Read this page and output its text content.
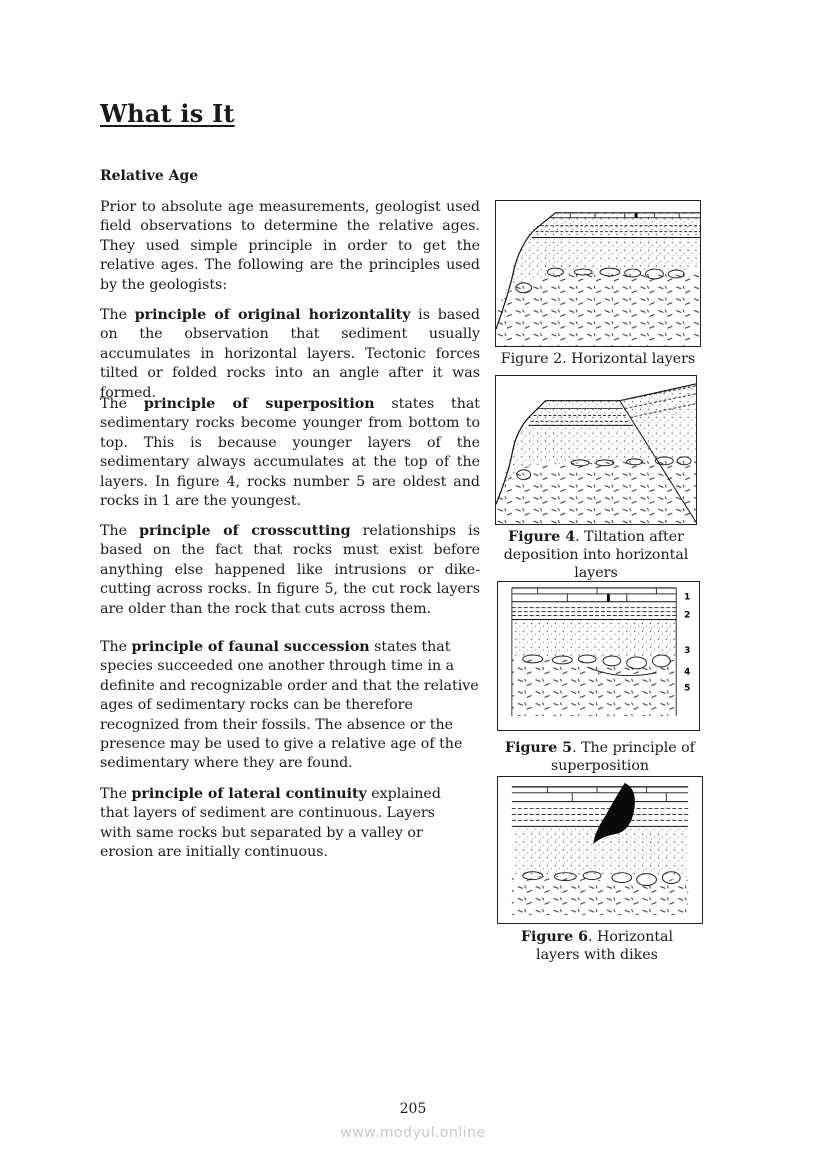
What is It
Relative Age

Prior to absolute age measurements, geologist used field observations to determine the relative ages. They used simple principle in order to get the relative ages. The following are the principles used by the geologists:

The principle of original horizontality is based on the observation that sediment usually accumulates in horizontal layers. Tectonic forces tilted or folded rocks into an angle after it was formed.

The principle of superposition states that sedimentary rocks become younger from bottom to top. This is because younger layers of the sedimentary always accumulates at the top of the layers. In figure 4, rocks number 5 are oldest and rocks in 1 are the youngest.

The principle of crosscutting relationships is based on the fact that rocks must exist before anything else happened like intrusions or dike-cutting across rocks. In figure 5, the cut rock layers are older than the rock that cuts across them.

The principle of faunal succession states that species succeeded one another through time in a definite and recognizable order and that the relative ages of sedimentary rocks can be therefore recognized from their fossils. The absence or the presence may be used to give a relative age of the sedimentary where they are found.

The principle of lateral continuity explained that layers of sediment are continuous. Layers with same rocks but separated by a valley or erosion are initially continuous.

Figure 2. Horizontal layers

Figure 4. Tiltation after deposition into horizontal layers

1
2
3
4
5

Figure 5. The principle of superposition

Figure 6. Horizontal layers with dikes

205
www.modyul.online
